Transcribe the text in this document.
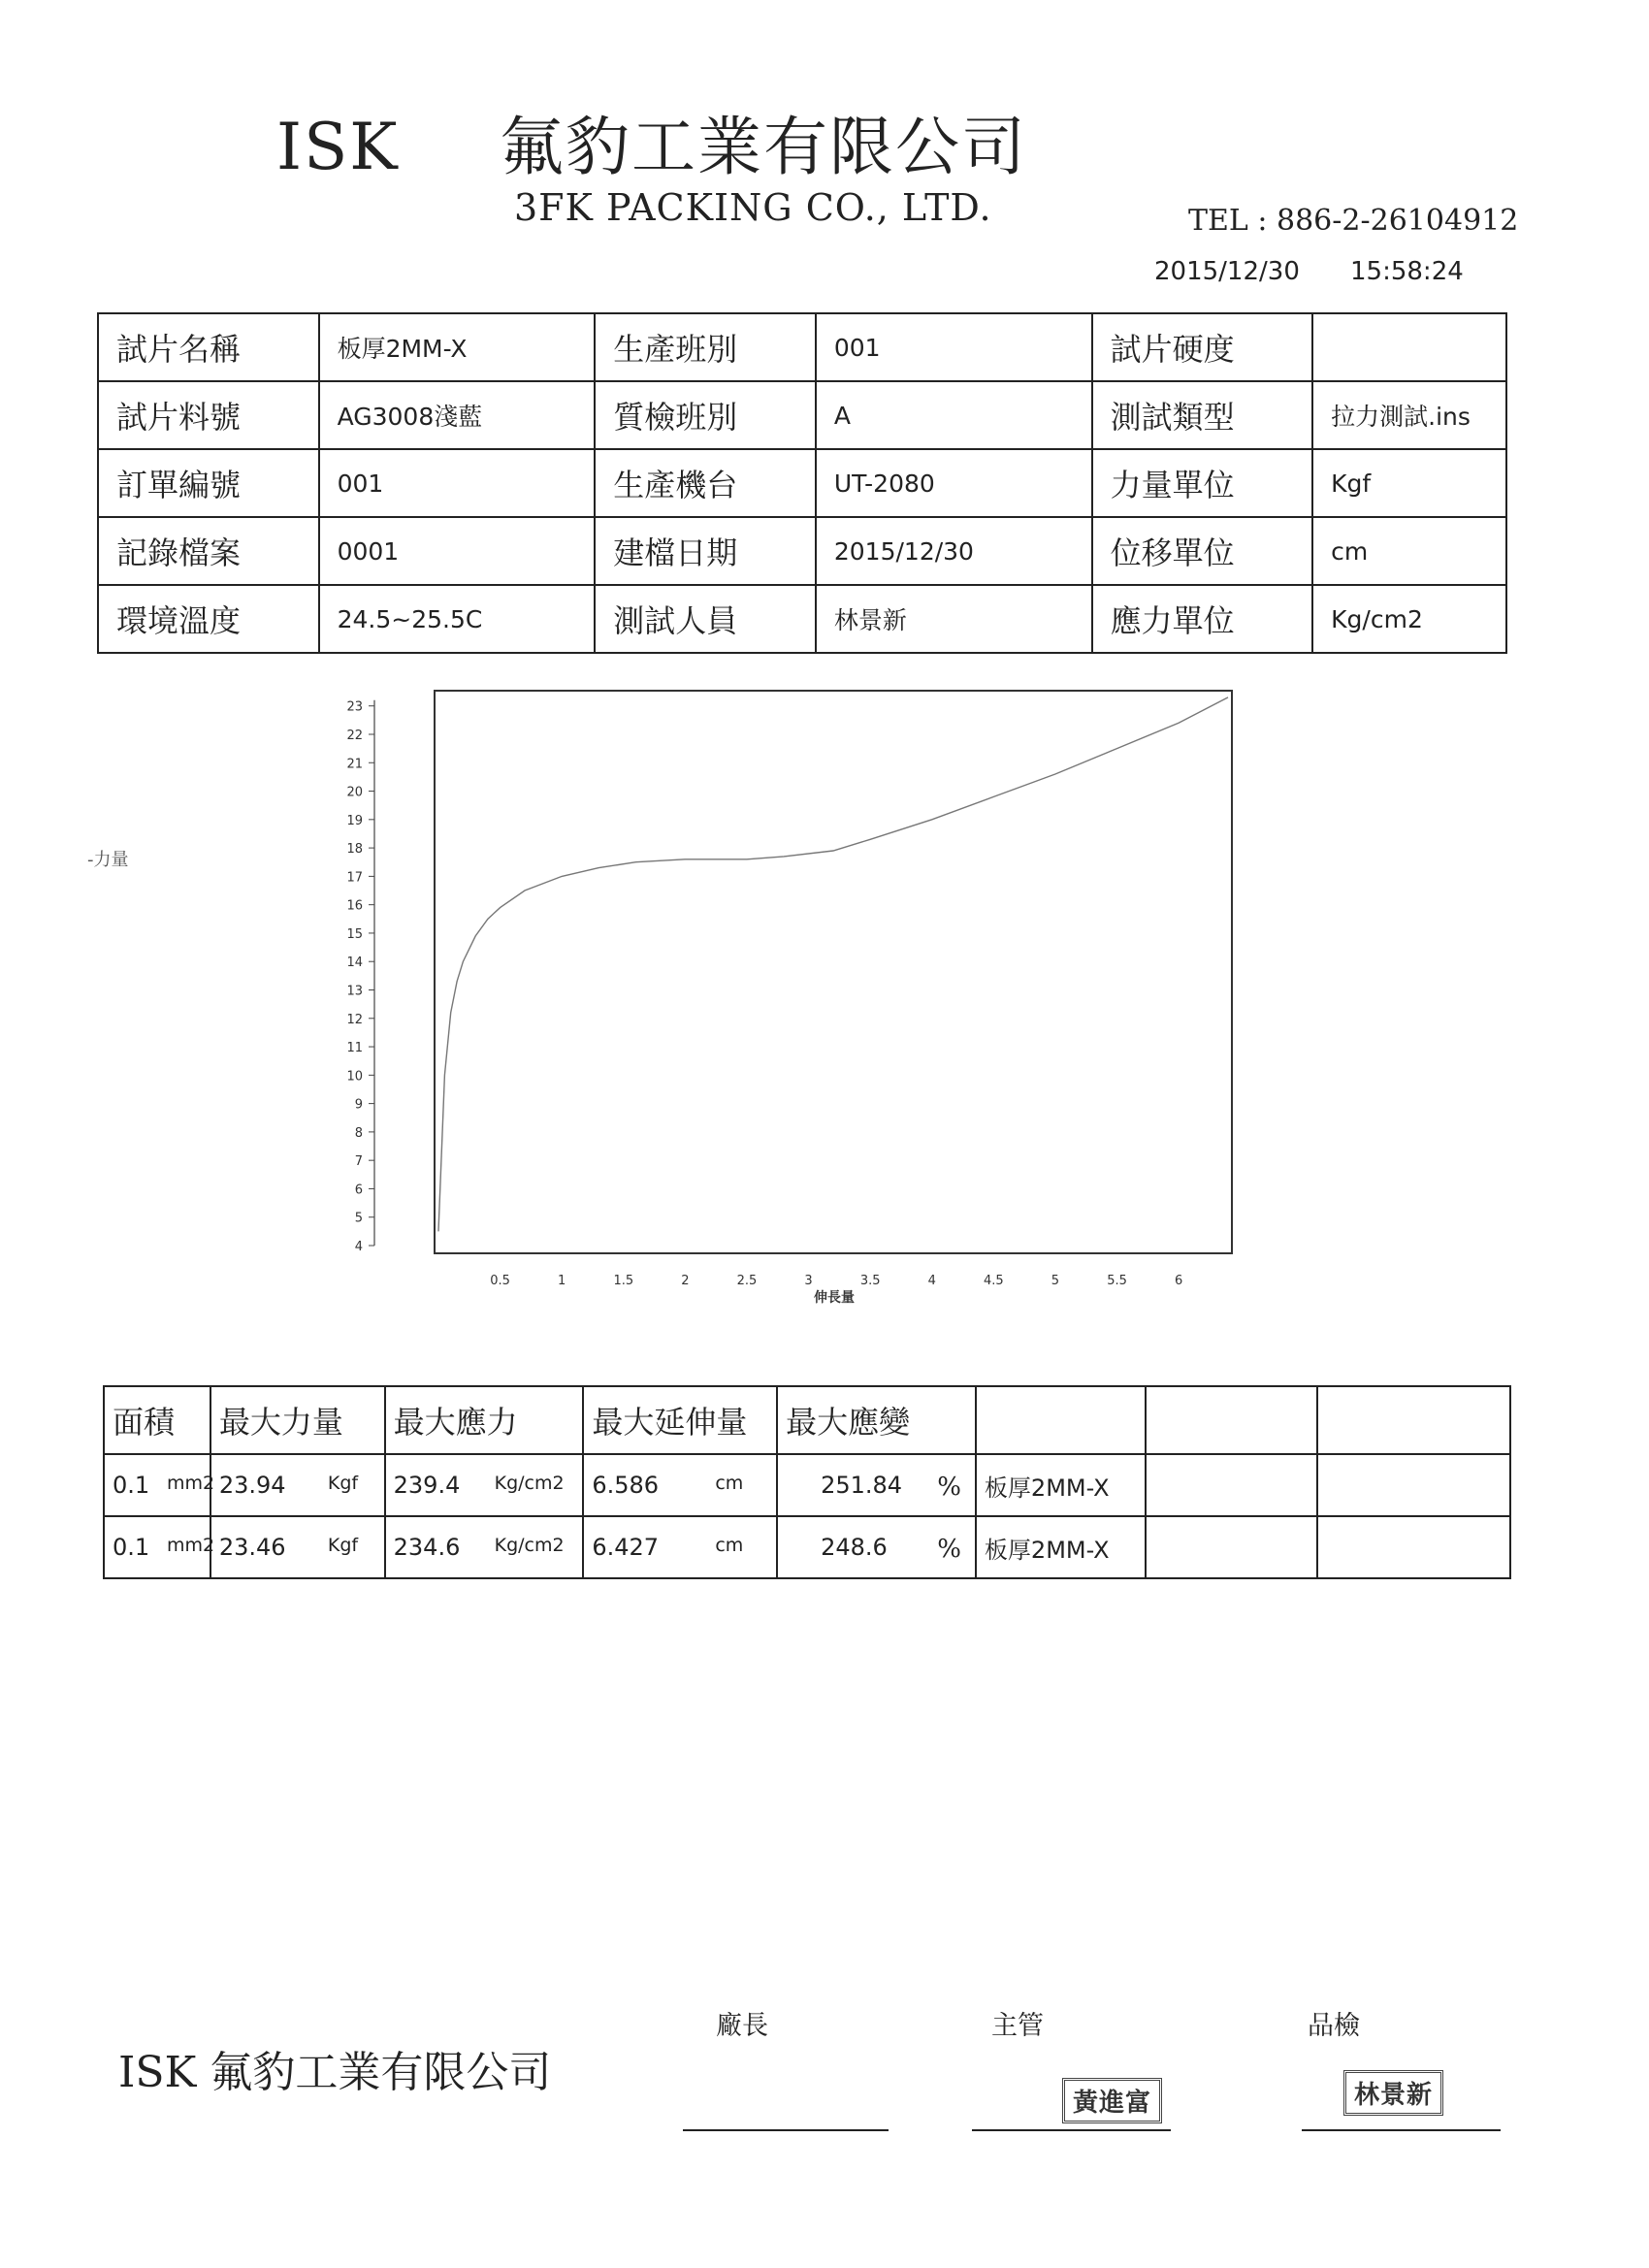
ISK 氟豹工業有限公司
3FK PACKING CO., LTD.	TEL : 886-2-26104912
2015/12/30 15:58:24
試片名稱	板厚2MM-X	生產班別	001	試片硬度	
試片料號	AG3008淺藍	質檢班別	A	測試類型	拉力測試.ins
訂單編號	001	生產機台	UT-2080	力量單位	Kgf
記錄檔案	0001	建檔日期	2015/12/30	位移單位	cm
環境溫度	24.5~25.5C	測試人員	林景新	應力單位	Kg/cm2
4
5
6
7
8
9
10
11
12
13
14
15
16
17
18
19
20
21
22
23
0.5	1	1.5	2	2.5	3	3.5	4	4.5	5	5.5	6
伸長量
-力量
面積	最大力量	最大應力	最大延伸量	最大應變			
0.1 mm2	23.94 Kgf	239.4 Kg/cm2	6.586 cm	251.84 %	板厚2MM-X		
0.1 mm2	23.46 Kgf	234.6 Kg/cm2	6.427 cm	248.6 %	板厚2MM-X		
ISK 氟豹工業有限公司
廠長	主管	品檢
黃進富	林景新
